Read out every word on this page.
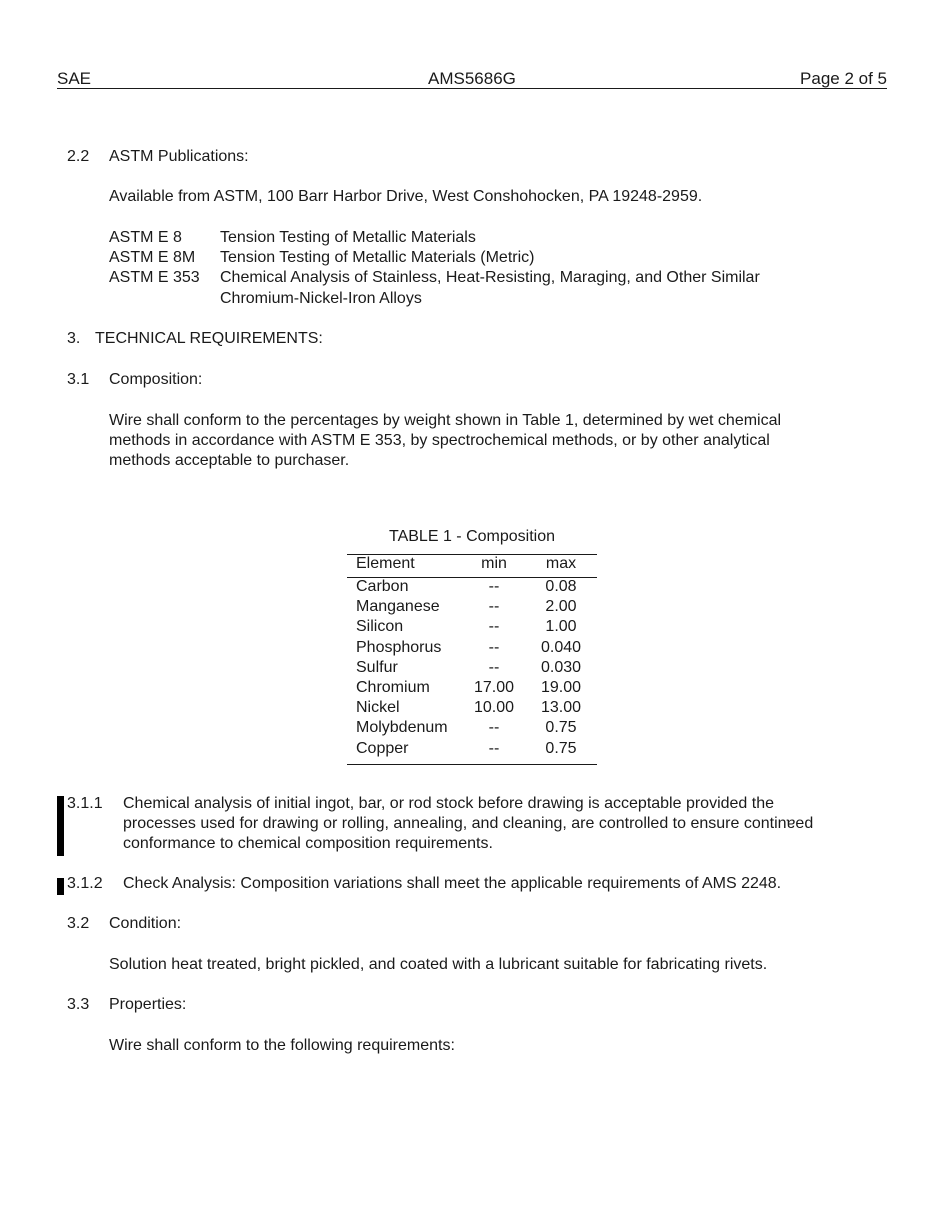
SAE	AMS5686G	Page 2 of 5
2.2 ASTM Publications:
Available from ASTM, 100 Barr Harbor Drive, West Conshohocken, PA 19248-2959.
ASTM E 8 Tension Testing of Metallic Materials
ASTM E 8M Tension Testing of Metallic Materials (Metric)
ASTM E 353 Chemical Analysis of Stainless, Heat-Resisting, Maraging, and Other Similar
Chromium-Nickel-Iron Alloys
3. TECHNICAL REQUIREMENTS:
3.1 Composition:
Wire shall conform to the percentages by weight shown in Table 1, determined by wet chemical
methods in accordance with ASTM E 353, by spectrochemical methods, or by other analytical
methods acceptable to purchaser.
TABLE 1 - Composition
Element	min	max
Carbon	--	0.08
Manganese	--	2.00
Silicon	--	1.00
Phosphorus	--	0.040
Sulfur	--	0.030
Chromium	17.00	19.00
Nickel	10.00	13.00
Molybdenum	--	0.75
Copper	--	0.75
3.1.1 Chemical analysis of initial ingot, bar, or rod stock before drawing is acceptable provided the
processes used for drawing or rolling, annealing, and cleaning, are controlled to ensure continɐed
conformance to chemical composition requirements.
3.1.2 Check Analysis: Composition variations shall meet the applicable requirements of AMS 2248.
3.2 Condition:
Solution heat treated, bright pickled, and coated with a lubricant suitable for fabricating rivets.
3.3 Properties:
Wire shall conform to the following requirements:
